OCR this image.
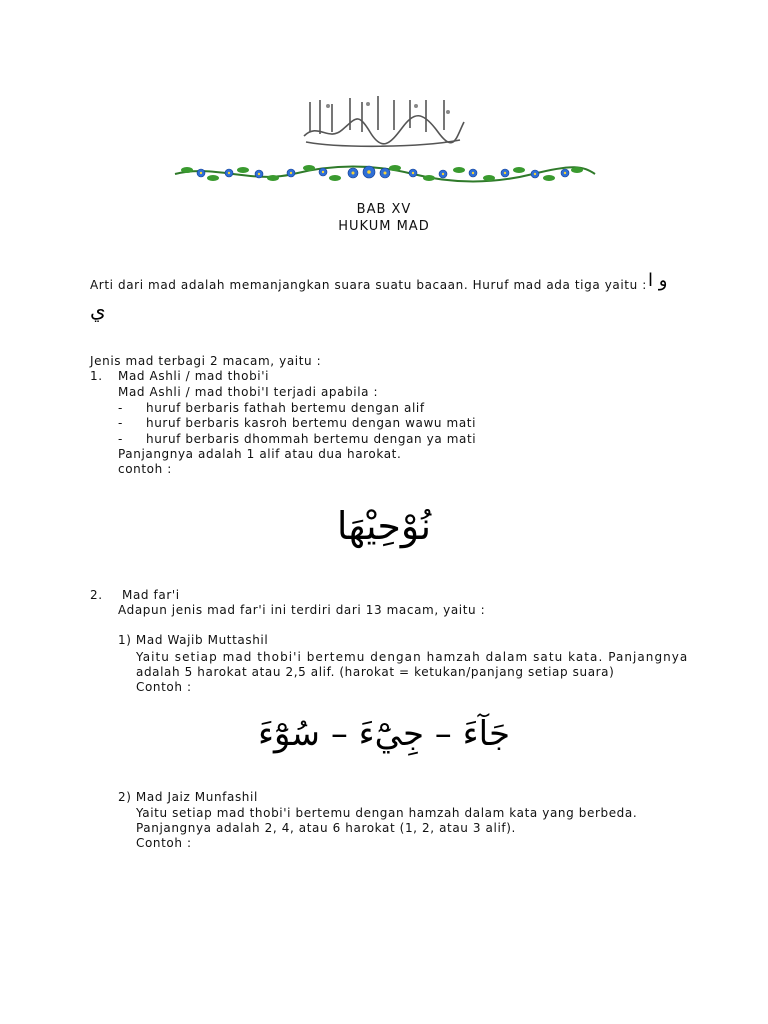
BAB XV
HUKUM MAD
Arti dari mad adalah memanjangkan suara suatu bacaan. Huruf mad ada tiga yaitu : و ا
ي
Jenis mad terbagi 2 macam, yaitu :
1. Mad Ashli / mad thobi'i
Mad Ashli / mad thobi'I terjadi apabila :
- huruf berbaris fathah bertemu dengan alif
- huruf berbaris kasroh bertemu dengan wawu mati
- huruf berbaris dhommah bertemu dengan ya mati
Panjangnya adalah 1 alif atau dua harokat.
contoh :
نُوْحِيْهَا
2. Mad far'i
Adapun jenis mad far'i ini terdiri dari 13 macam, yaitu :
1) Mad Wajib Muttashil
Yaitu setiap mad thobi'i bertemu dengan hamzah dalam satu kata. Panjangnya
adalah 5 harokat atau 2,5 alif. (harokat = ketukan/panjang setiap suara)
Contoh :
جَآءَ – جِيْٓءَ – سُوْٓءَ
2) Mad Jaiz Munfashil
Yaitu setiap mad thobi'i bertemu dengan hamzah dalam kata yang berbeda.
Panjangnya adalah 2, 4, atau 6 harokat (1, 2, atau 3 alif).
Contoh :
